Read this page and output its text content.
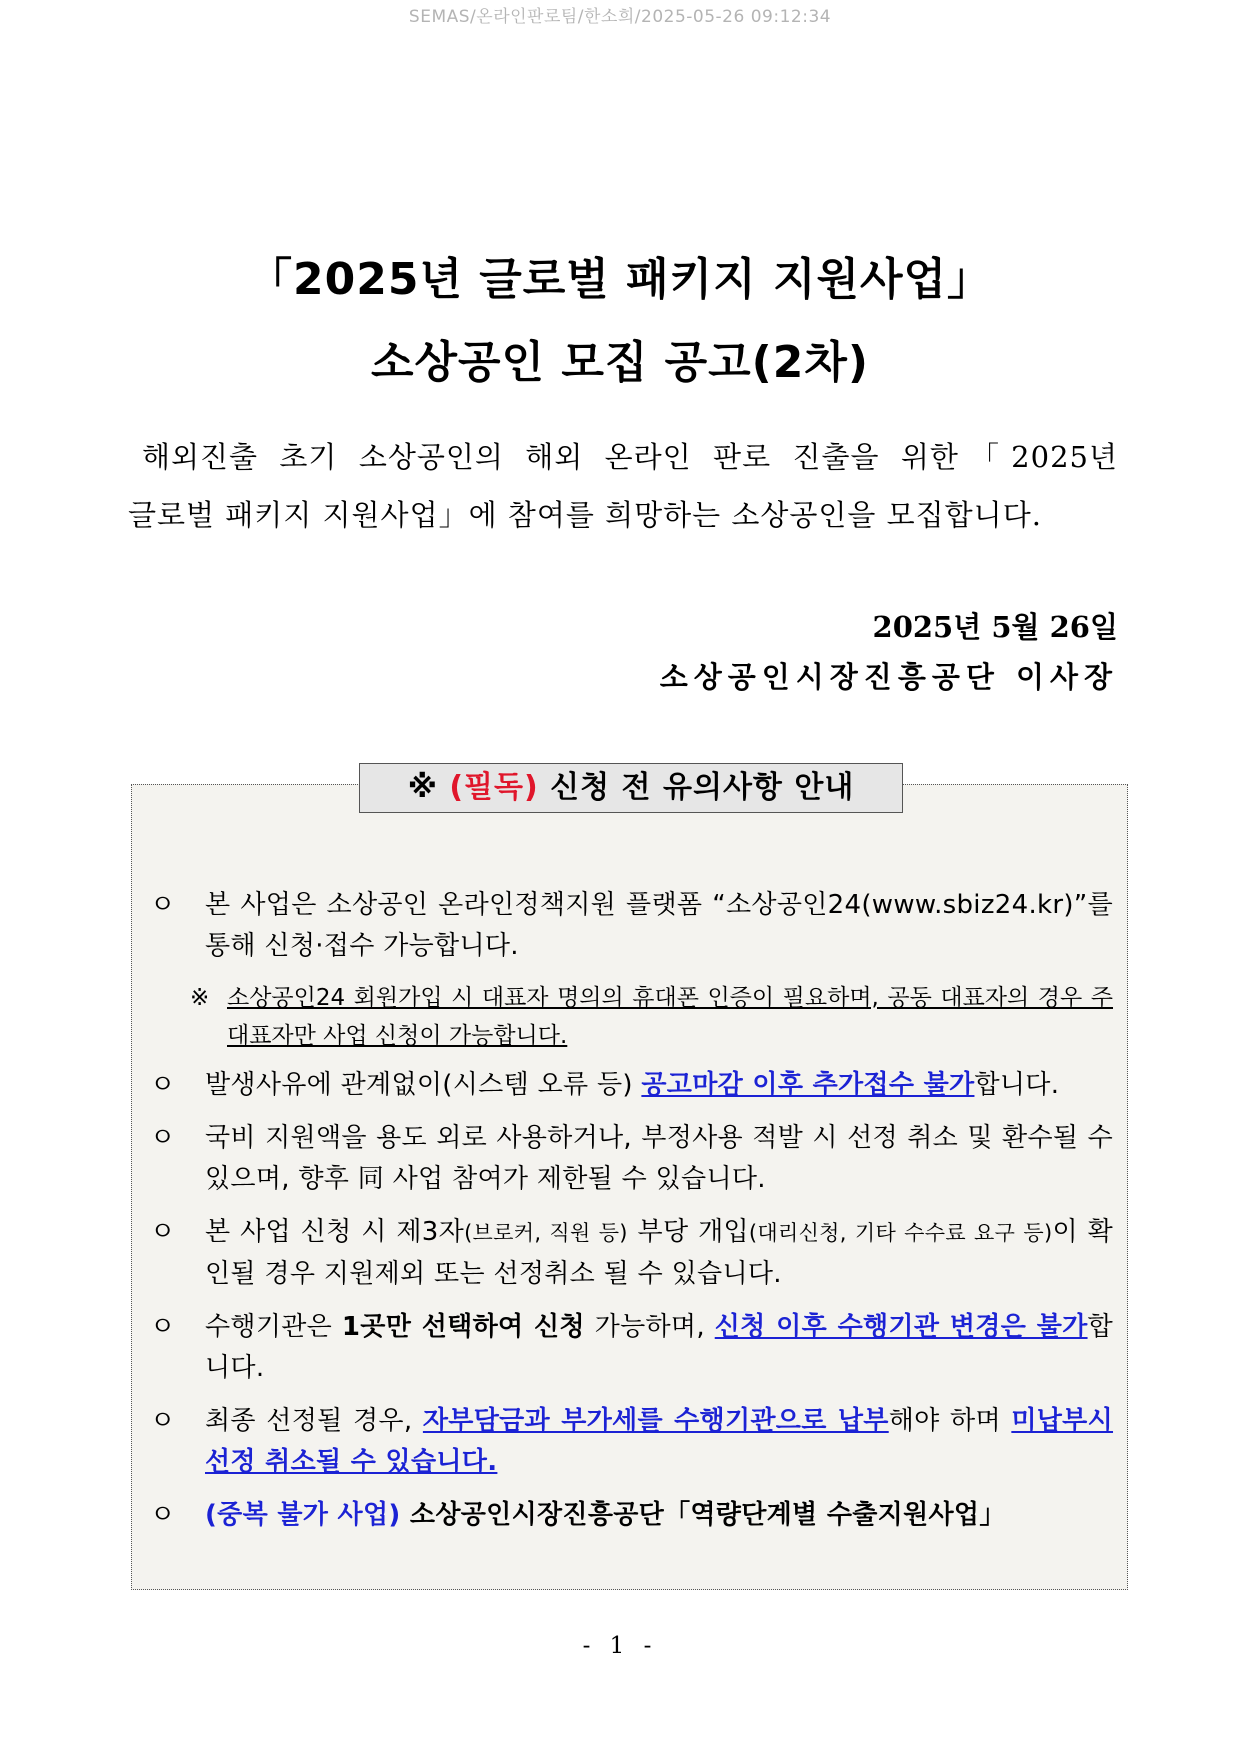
SEMAS/온라인판로팀/한소희/2025-05-26 09:12:34
「2025년 글로벌 패키지 지원사업」
소상공인 모집 공고(2차)
해외진출 초기 소상공인의 해외 온라인 판로 진출을 위한「2025년
글로벌 패키지 지원사업」에 참여를 희망하는 소상공인을 모집합니다.
2025년 5월 26일
소상공인시장진흥공단 이사장
※ (필독) 신청 전 유의사항 안내
ㅇ 본 사업은 소상공인 온라인정책지원 플랫폼 “소상공인24(www.sbiz24.kr)”를 통해 신청·접수 가능합니다.
※ 소상공인24 회원가입 시 대표자 명의의 휴대폰 인증이 필요하며, 공동 대표자의 경우 주 대표자만 사업 신청이 가능합니다.
ㅇ 발생사유에 관계없이(시스템 오류 등) 공고마감 이후 추가접수 불가합니다.
ㅇ 국비 지원액을 용도 외로 사용하거나, 부정사용 적발 시 선정 취소 및 환수될 수 있으며, 향후 同 사업 참여가 제한될 수 있습니다.
ㅇ 본 사업 신청 시 제3자(브로커, 직원 등) 부당 개입(대리신청, 기타 수수료 요구 등)이 확인될 경우 지원제외 또는 선정취소 될 수 있습니다.
ㅇ 수행기관은 1곳만 선택하여 신청 가능하며, 신청 이후 수행기관 변경은 불가합니다.
ㅇ 최종 선정될 경우, 자부담금과 부가세를 수행기관으로 납부해야 하며 미납부시 선정 취소될 수 있습니다.
ㅇ (중복 불가 사업) 소상공인시장진흥공단「역량단계별 수출지원사업」
- 1 -
